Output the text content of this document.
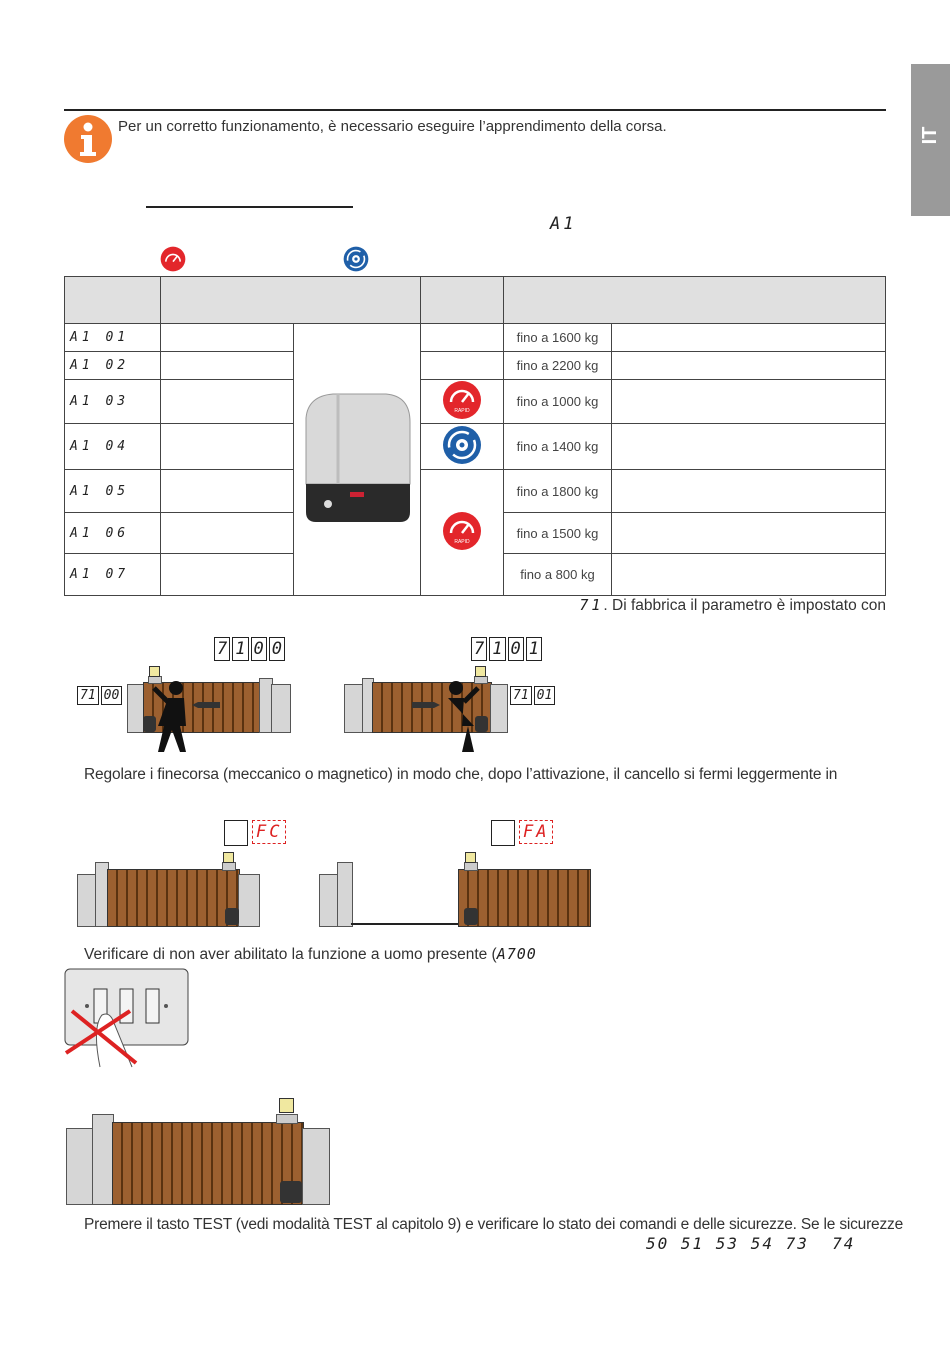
IT
Per un corretto funzionamento, è necessario eseguire l’apprendimento della corsa.
A1

A1 01				fino a 1600 kg	
A1 02				fino a 2200 kg	
A1 03			RAPID	fino a 1000 kg	
A1 04				fino a 1400 kg	
A1 05			RAPID	fino a 1800 kg	
A1 06				fino a 1500 kg	
A1 07				fino a 800 kg	
71. Di fabbrica il parametro è impostato con
7 1 0 0
71 00
7 1 0 1
71 01
Regolare i finecorsa (meccanico o magnetico) in modo che, dopo l’attivazione, il cancello si fermi leggermente in
FC	FA
Verificare di non aver abilitato la funzione a uomo presente (A700
Premere il tasto TEST (vedi modalità TEST al capitolo 9) e verificare lo stato dei comandi e delle sicurezze. Se le sicurezze
50 51 53 54 73  74
